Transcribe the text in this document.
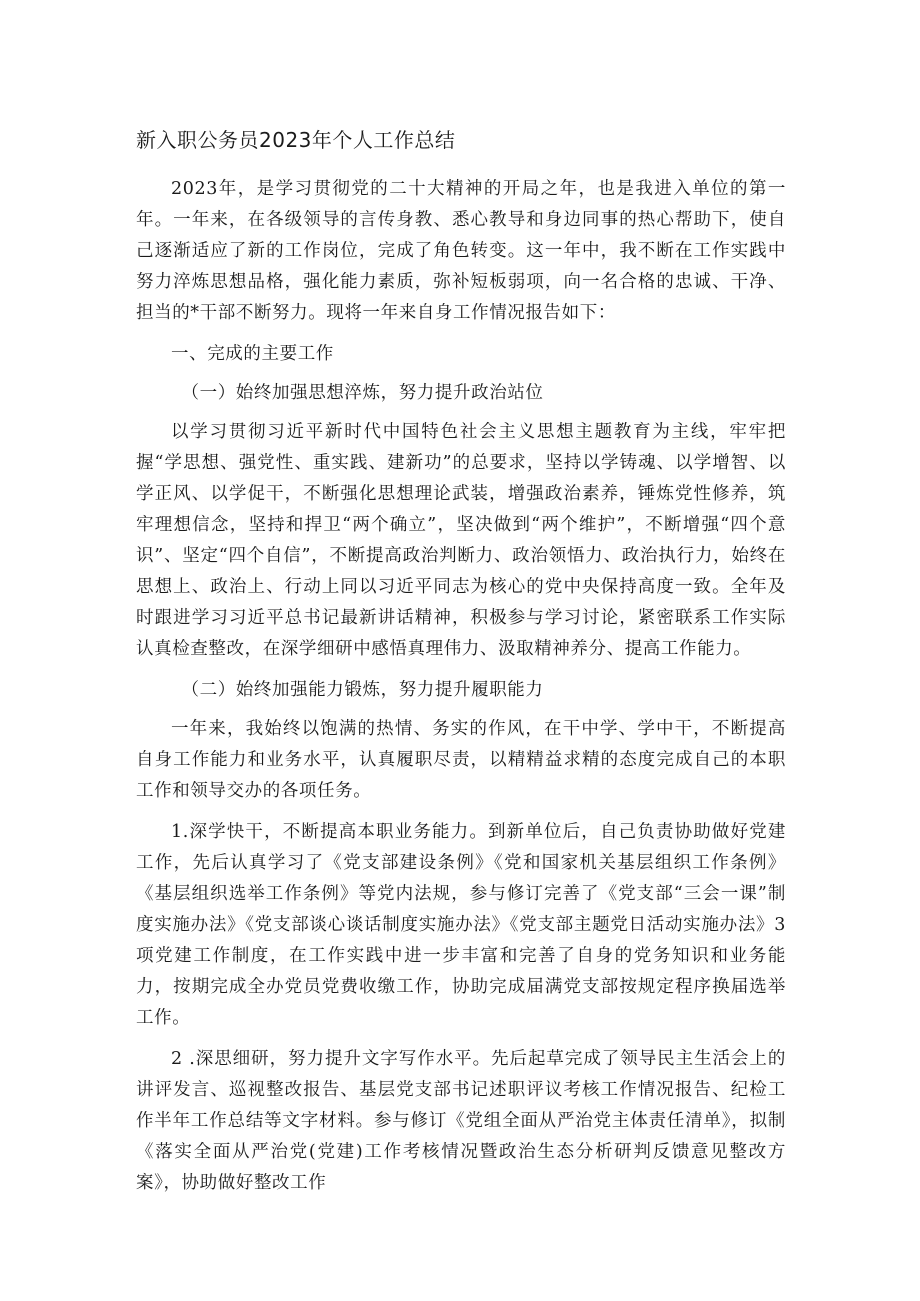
新入职公务员2023年个人工作总结

2023年，是学习贯彻党的二十大精神的开局之年，也是我进入单位的第一年。一年来，在各级领导的言传身教、悉心教导和身边同事的热心帮助下，使自己逐渐适应了新的工作岗位，完成了角色转变。这一年中，我不断在工作实践中努力淬炼思想品格，强化能力素质，弥补短板弱项，向一名合格的忠诚、干净、担当的*干部不断努力。现将一年来自身工作情况报告如下：

一、完成的主要工作

（一）始终加强思想淬炼，努力提升政治站位

以学习贯彻习近平新时代中国特色社会主义思想主题教育为主线，牢牢把握“学思想、强党性、重实践、建新功”的总要求，坚持以学铸魂、以学增智、以学正风、以学促干，不断强化思想理论武装，增强政治素养，锤炼党性修养，筑牢理想信念，坚持和捍卫“两个确立”，坚决做到“两个维护”，不断增强“四个意识”、坚定“四个自信”，不断提高政治判断力、政治领悟力、政治执行力，始终在思想上、政治上、行动上同以习近平同志为核心的党中央保持高度一致。全年及时跟进学习习近平总书记最新讲话精神，积极参与学习讨论，紧密联系工作实际认真检查整改，在深学细研中感悟真理伟力、汲取精神养分、提高工作能力。

（二）始终加强能力锻炼，努力提升履职能力

一年来，我始终以饱满的热情、务实的作风，在干中学、学中干，不断提高自身工作能力和业务水平，认真履职尽责，以精精益求精的态度完成自己的本职工作和领导交办的各项任务。

1.深学快干，不断提高本职业务能力。到新单位后，自己负责协助做好党建工作，先后认真学习了《党支部建设条例》《党和国家机关基层组织工作条例》《基层组织选举工作条例》等党内法规，参与修订完善了《党支部“三会一课”制度实施办法》《党支部谈心谈话制度实施办法》《党支部主题党日活动实施办法》3项党建工作制度，在工作实践中进一步丰富和完善了自身的党务知识和业务能力，按期完成全办党员党费收缴工作，协助完成届满党支部按规定程序换届选举工作。

2 .深思细研，努力提升文字写作水平。先后起草完成了领导民主生活会上的讲评发言、巡视整改报告、基层党支部书记述职评议考核工作情况报告、纪检工作半年工作总结等文字材料。参与修订《党组全面从严治党主体责任清单》，拟制《落实全面从严治党(党建)工作考核情况暨政治生态分析研判反馈意见整改方案》，协助做好整改工作
